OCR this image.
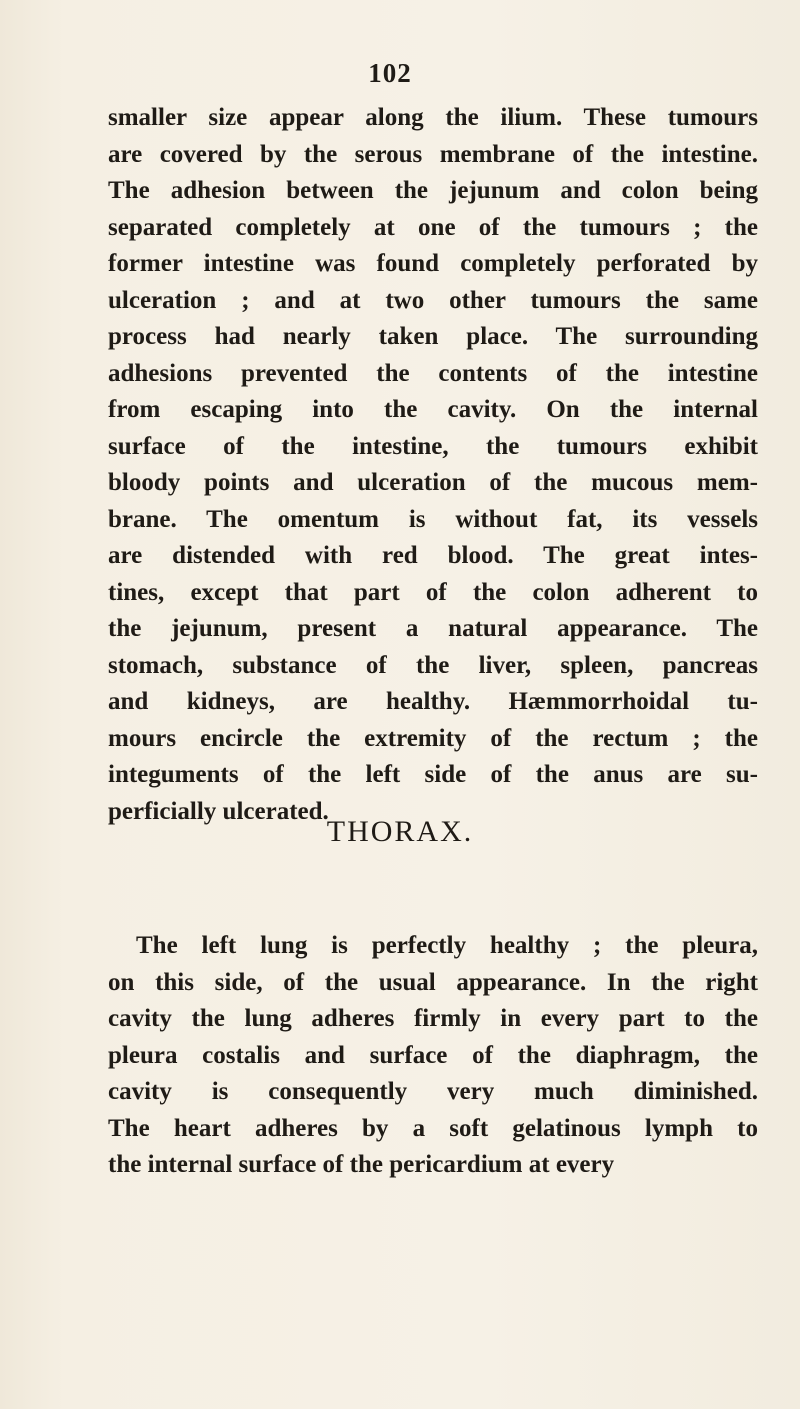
102
smaller size appear along the ilium. These tumours
are covered by the serous membrane of the intestine.
The adhesion between the jejunum and colon being
separated completely at one of the tumours ; the
former intestine was found completely perforated by
ulceration ; and at two other tumours the same
process had nearly taken place. The surrounding
adhesions prevented the contents of the intestine
from escaping into the cavity. On the internal
surface of the intestine, the tumours exhibit
bloody points and ulceration of the mucous mem-
brane. The omentum is without fat, its vessels
are distended with red blood. The great intes-
tines, except that part of the colon adherent to
the jejunum, present a natural appearance. The
stomach, substance of the liver, spleen, pancreas
and kidneys, are healthy. Hæmmorrhoidal tu-
mours encircle the extremity of the rectum ; the
integuments of the left side of the anus are su-
perficially ulcerated.
THORAX.
The left lung is perfectly healthy ; the pleura,
on this side, of the usual appearance. In the right
cavity the lung adheres firmly in every part to the
pleura costalis and surface of the diaphragm, the
cavity is consequently very much diminished.
The heart adheres by a soft gelatinous lymph to
the internal surface of the pericardium at every
